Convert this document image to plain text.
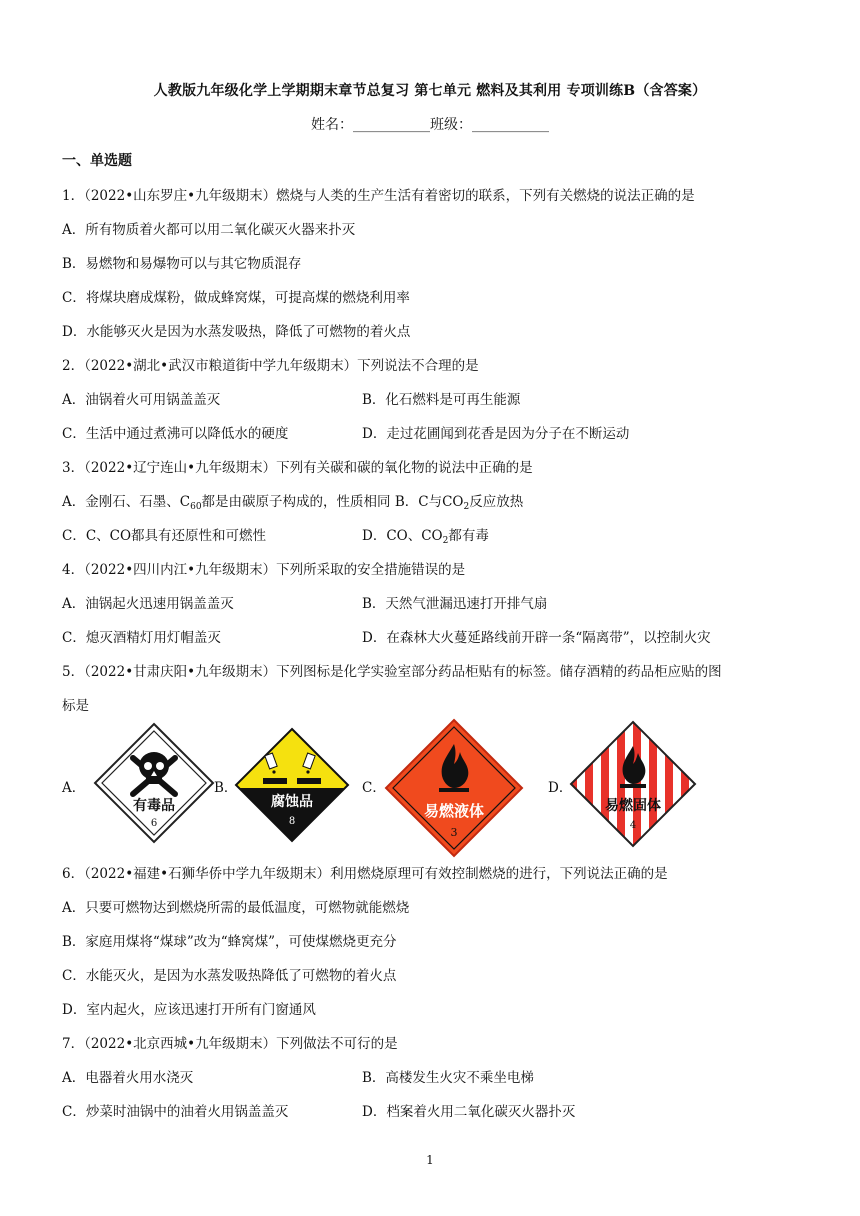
人教版九年级化学上学期期末章节总复习 第七单元 燃料及其利用 专项训练B（含答案）
姓名：___________班级：___________
一、单选题
1．（2022•山东罗庄•九年级期末）燃烧与人类的生产生活有着密切的联系，下列有关燃烧的说法正确的是
A．所有物质着火都可以用二氧化碳灭火器来扑灭
B．易燃物和易爆物可以与其它物质混存
C．将煤块磨成煤粉，做成蜂窝煤，可提高煤的燃烧利用率
D．水能够灭火是因为水蒸发吸热，降低了可燃物的着火点
2．（2022•湖北•武汉市粮道街中学九年级期末）下列说法不合理的是
A．油锅着火可用锅盖盖灭	B．化石燃料是可再生能源
C．生活中通过煮沸可以降低水的硬度	D．走过花圃闻到花香是因为分子在不断运动
3．（2022•辽宁连山•九年级期末）下列有关碳和碳的氧化物的说法中正确的是
A．金刚石、石墨、$C_{60}$都是由碳原子构成的，性质相同 B．C与$CO_2$反应放热
C．C、CO都具有还原性和可燃性	D．CO、$CO_2$都有毒
4．（2022•四川内江•九年级期末）下列所采取的安全措施错误的是
A．油锅起火迅速用锅盖盖灭	B．天然气泄漏迅速打开排气扇
C．熄灭酒精灯用灯帽盖灭	D．在森林大火蔓延路线前开辟一条“隔离带”，以控制火灾
5．（2022•甘肃庆阳•九年级期末）下列图标是化学实验室部分药品柜贴有的标签。储存酒精的药品柜应贴的图
标是
A．	B．	C．	D．
有毒品
6
腐蚀品
8
易燃液体
3
易燃固体
4
6．（2022•福建•石狮华侨中学九年级期末）利用燃烧原理可有效控制燃烧的进行，下列说法正确的是
A．只要可燃物达到燃烧所需的最低温度，可燃物就能燃烧
B．家庭用煤将“煤球”改为“蜂窝煤”，可使煤燃烧更充分
C．水能灭火，是因为水蒸发吸热降低了可燃物的着火点
D．室内起火，应该迅速打开所有门窗通风
7．（2022•北京西城•九年级期末）下列做法不可行的是
A．电器着火用水浇灭	B．高楼发生火灾不乘坐电梯
C．炒菜时油锅中的油着火用锅盖盖灭	D．档案着火用二氧化碳灭火器扑灭
1
